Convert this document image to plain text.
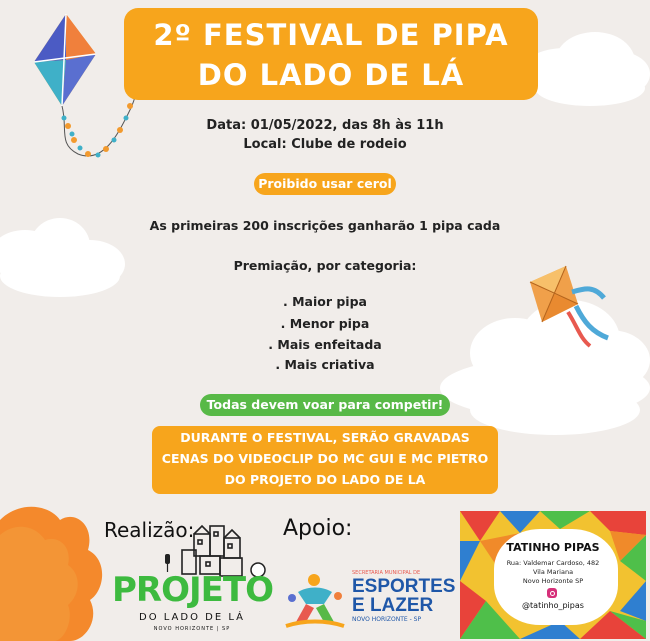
2º FESTIVAL DE PIPA
DO LADO DE LÁ
Data: 01/05/2022, das 8h às 11h
Local: Clube de rodeio
Proibido usar cerol
As primeiras 200 inscrições ganharão 1 pipa cada
Premiação, por categoria:
. Maior pipa
. Menor pipa
. Mais enfeitada
. Mais criativa
Todas devem voar para competir!
DURANTE O FESTIVAL, SERÃO GRAVADAS
CENAS DO VIDEOCLIP DO MC GUI E MC PIETRO
DO PROJETO DO LADO DE LA
Realizão:	Apoio:
PROJETO
DO LADO DE LÁ
NOVO HORIZONTE | SP
SECRETARIA MUNICIPAL DE
ESPORTES
E LAZER
NOVO HORIZONTE - SP
TATINHO PIPAS
Rua: Valdemar Cardoso, 482
Vila Mariana
Novo Horizonte SP
@tatinho_pipas
